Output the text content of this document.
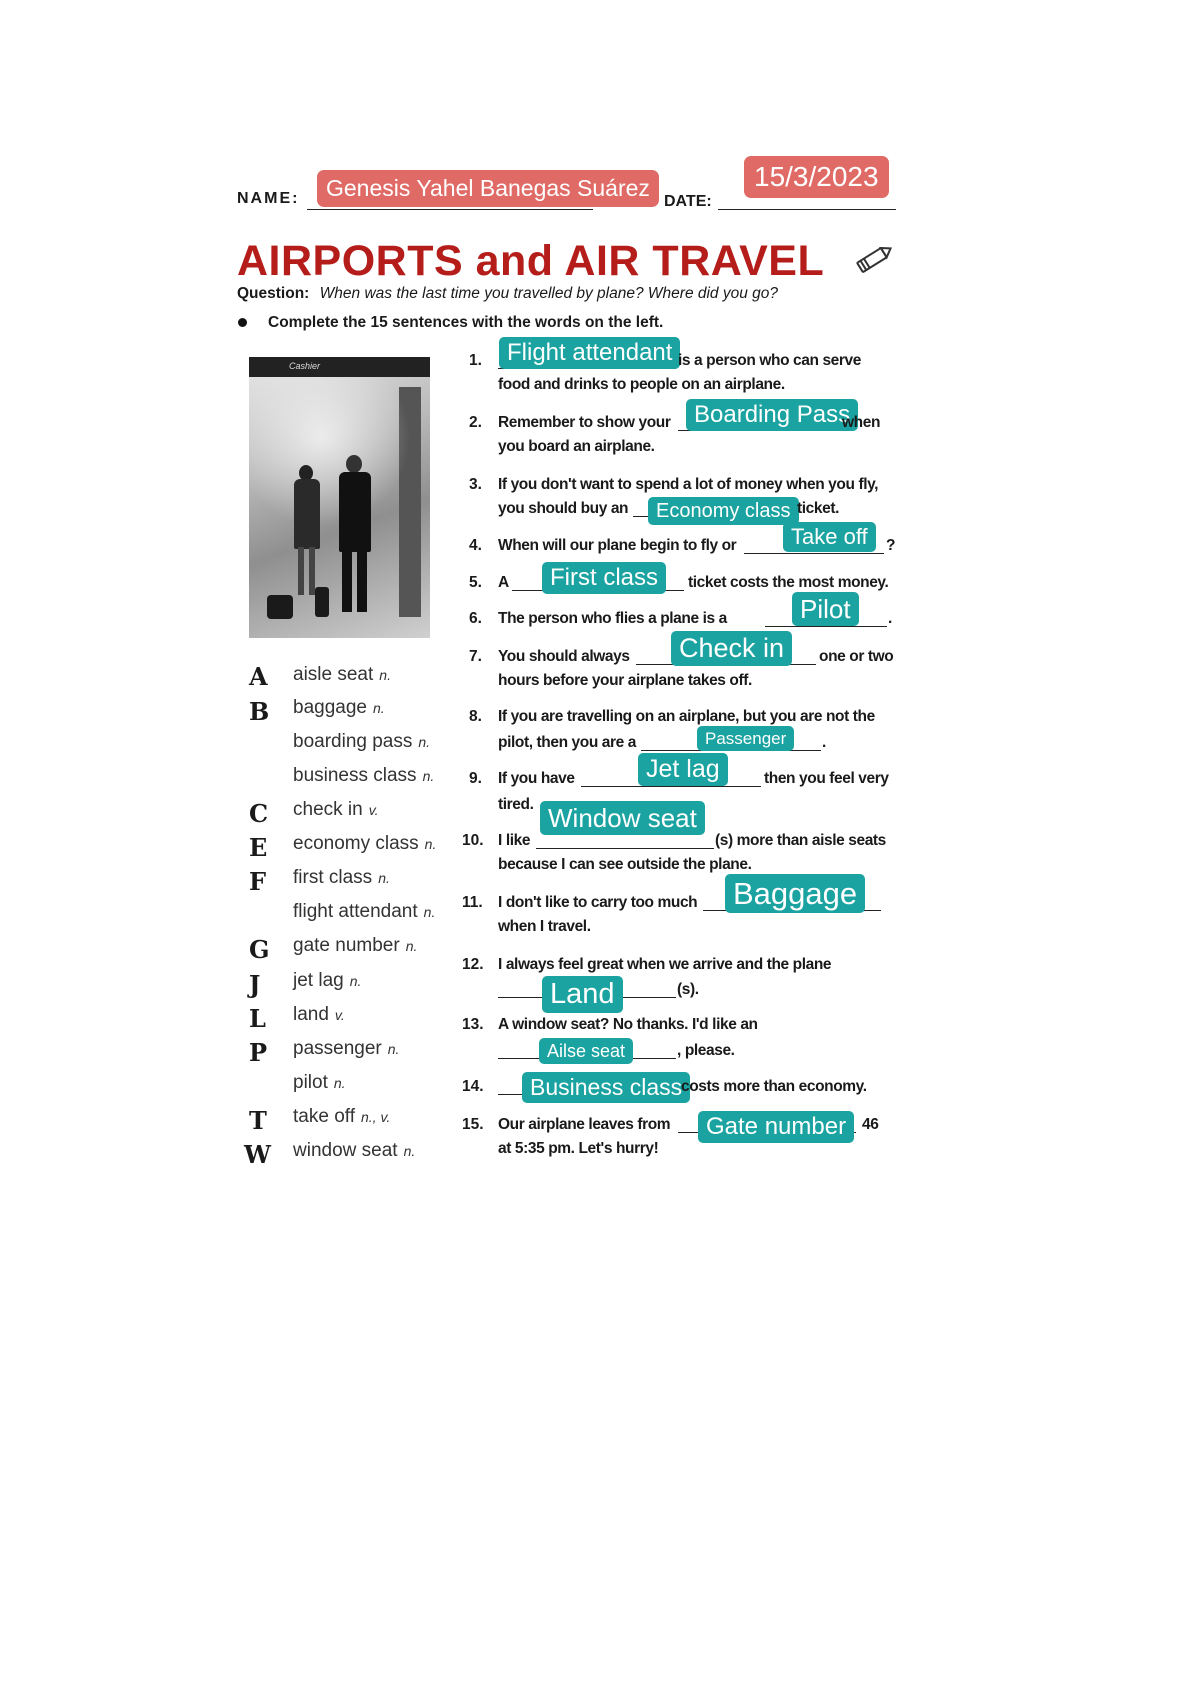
NAME:	Genesis Yahel Banegas Suárez
DATE:
15/3/2023
AIRPORTS and AIR TRAVEL
Question: When was the last time you travelled by plane? Where did you go?
Complete the 15 sentences with the words on the left.
Cashier
A aisle seat n.
B baggage n.
boarding pass n.
business class n.
C check in v.
E economy class n.
F first class n.
flight attendant n.
G gate number n.
J jet lag n.
L land v.
P passenger n.
pilot n.
T take off n., v.
W window seat n.
1.	Flight attendant is a person who can serve
food and drinks to people on an airplane.
2. Remember to show your Boarding Pass
when
you board an airplane.
3. If you don't want to spend a lot of money when you fly,
you should buy an	Economy class ticket.
4. When will our plane begin to fly or	Take off	?
5. A	First class	ticket costs the most money.
6. The person who flies a plane is a	Pilot	.
7. You should always Check in	one or two
hours before your airplane takes off.
8. If you are travelling on an airplane, but you are not the
pilot, then you are a	Passenger	.
9. If you have	Jet lag	then you feel very
tired.
10. I like
Window seat
(s) more than aisle seats
because I can see outside the plane.
11. I don't like to carry too much Baggage
when I travel.
12. I always feel great when we arrive and the plane
Land	(s).
13. A window seat? No thanks. I'd like an
Ailse seat	, please.
14.	Business class
costs more than economy.
15. Our airplane leaves from	Gate number	46
at 5:35 pm. Let's hurry!
